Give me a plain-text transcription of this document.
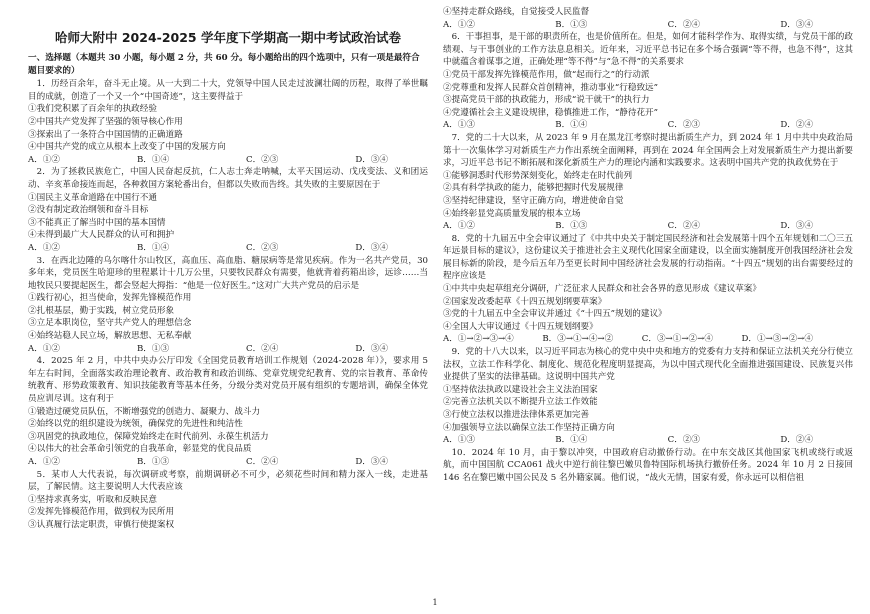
哈师大附中 2024-2025 学年度下学期高一期中考试政治试卷

一、选择题（本题共 30 小题，每小题 2 分，共 60 分。每小题给出的四个选项中，只有一项是最符合题目要求的）

1．历经百余年，奋斗无止境。从一大到二十大，党领导中国人民走过波澜壮阔的历程，取得了举世瞩目的成就，创造了一个又一个“中国奇迹”，这主要得益于

①我们党积累了百余年的执政经验

②中国共产党发挥了坚强的领导核心作用

③探索出了一条符合中国国情的正确道路

④中国共产党的成立从根本上改变了中国的发展方向

A．①②	B．①④	C．②③	D．③④

2．为了拯救民族危亡，中国人民奋起反抗，仁人志士奔走呐喊，太平天国运动、戊戌变法、义和团运动、辛亥革命接连而起，各种救国方案轮番出台，但都以失败而告终。其失败的主要原因在于

①国民主义革命道路在中国行不通

②没有制定政治纲领和奋斗目标

③不能真正了解当时中国的基本国情

④未得到最广大人民群众的认可和拥护

A．①②	B．①④	C．②③	D．③④

3．在西北边陲的乌尔喀什尔山牧区，高血压、高血脂、糖尿病等是常见疾病。作为一名共产党员，30 多年来，党员医生哈迎珍的里程累计十几万公里，只要牧民群众有需要，他就背着药箱出诊，远诊……当地牧民只要提起医生，都会竖起大拇指：“他是一位好医生。”这对广大共产党员的启示是

①践行初心，担当使命，发挥先锋模范作用

②扎根基层，勤于实践，树立党员形象

③立足本职岗位，坚守共产党人的理想信念

④始终站稳人民立场，解放思想、无私奉献

A．①②	B．①③	C．②④	D．③④

4．2025 年 2 月，中共中央办公厅印发《全国党员教育培训工作规划（2024-2028 年）》，要求用 5 年左右时间，全面落实政治理论教育、政治教育和政治训练、党章党规党纪教育、党的宗旨教育、革命传统教育、形势政策教育、知识技能教育等基本任务，分级分类对党员开展有组织的专题培训，确保全体党员应训尽训。这有利于

①锻造过硬党员队伍，不断增强党的创造力、凝聚力、战斗力

②始终以党的组织建设为统领，确保党的先进性和纯洁性

③巩固党的执政地位，保障党始终走在时代前列、永葆生机活力

④以伟大的社会革命引领党的自我革命，彰显党的优良品质

A．①②	B．①③	C．②④	D．③④

5．某市人大代表说，每次调研或考察，前期调研必不可少，必须花些时间和精力深入一线，走进基层，了解民情。这主要说明人大代表应该

①坚持求真务实，听取和反映民意

②发挥先锋模范作用，做到权为民所用

③认真履行法定职责，审慎行使提案权

④坚持走群众路线，自觉接受人民监督

A．①②	B．①③	C．②④	D．③④

6．干事担事，是干部的职责所在，也是价值所在。但是，如何才能科学作为、取得实绩，与党员干部的政绩观、与干事创业的工作方法息息相关。近年来，习近平总书记在多个场合强调“等不得，也急不得”，这其中就蕴含着谋事之道，正确处理“等不得”与“急不得”的关系要求

①党员干部发挥先锋模范作用，做“起而行之”的行动派

②党尊重和发挥人民群众首创精神，推动事业“行稳致远”

③提高党员干部的执政能力，形成“说干就干”的执行力

④党遵循社会主义建设规律，稳慎推进工作，“静待花开”

A．①③	B．①④	C．②③	D．②④

7．党的二十大以来，从 2023 年 9 月在黑龙江考察时提出新质生产力，到 2024 年 1 月中共中央政治局第十一次集体学习对新质生产力作出系统全面阐释，再到在 2024 年全国两会上对发展新质生产力提出新要求，习近平总书记不断拓展和深化新质生产力的理论内涵和实践要求。这表明中国共产党的执政优势在于

①能够洞悉时代形势深刻变化，始终走在时代前列

②具有科学执政的能力，能够把握时代发展规律

③坚持纪律建设，坚守正确方向，增进使命自觉

④始终彰显党高质量发展的根本立场

A．①②	B．①③	C．②④	D．③④

8．党的十九届五中全会审议通过了《中共中央关于制定国民经济和社会发展第十四个五年规划和二〇三五年远景目标的建议》，这份建议关于推进社会主义现代化国家全面建设，以全面实施制度开创我国经济社会发展目标新的阶段，是今后五年乃至更长时间中国经济社会发展的行动指南。“十四五”规划的出台需要经过的程序应该是

①中共中央起草组充分调研，广泛征求人民群众和社会各界的意见形成《建议草案》

②国家发改委起草《十四五规划纲要草案》

③党的十九届五中全会审议并通过《“十四五”规划的建议》

④全国人大审议通过《十四五规划纲要》

A．①→②→③→④	B．③→①→④→②	C．③→①→②→④	D．①→③→②→④

9．党的十八大以来，以习近平同志为核心的党中央中央和地方的党委有力支持和保证立法机关充分行使立法权，立法工作科学化、制度化、规范化程度明显提高，为以中国式现代化全面推进强国建设、民族复兴伟业提供了坚实的法律基础。这说明中国共产党

①坚持依法执政以建设社会主义法治国家

②完善立法机关以不断提升立法工作效能

③行使立法权以推进法律体系更加完善

④加强领导立法以确保立法工作坚持正确方向

A．①③	B．①④	C．②③	D．②④

10．2024 年 10 月，由于黎以冲突，中国政府启动撤侨行动。在中东交战区其他国家飞机或绕行或返航，而中国国航 CCA061 战火中逆行前往黎巴嫩贝鲁特国际机场执行撤侨任务。2024 年 10 月 2 日接回 146 名在黎巴嫩中国公民及 5 名外籍家属。他们说，“战火无情，国家有爱，你永远可以相信祖

1
